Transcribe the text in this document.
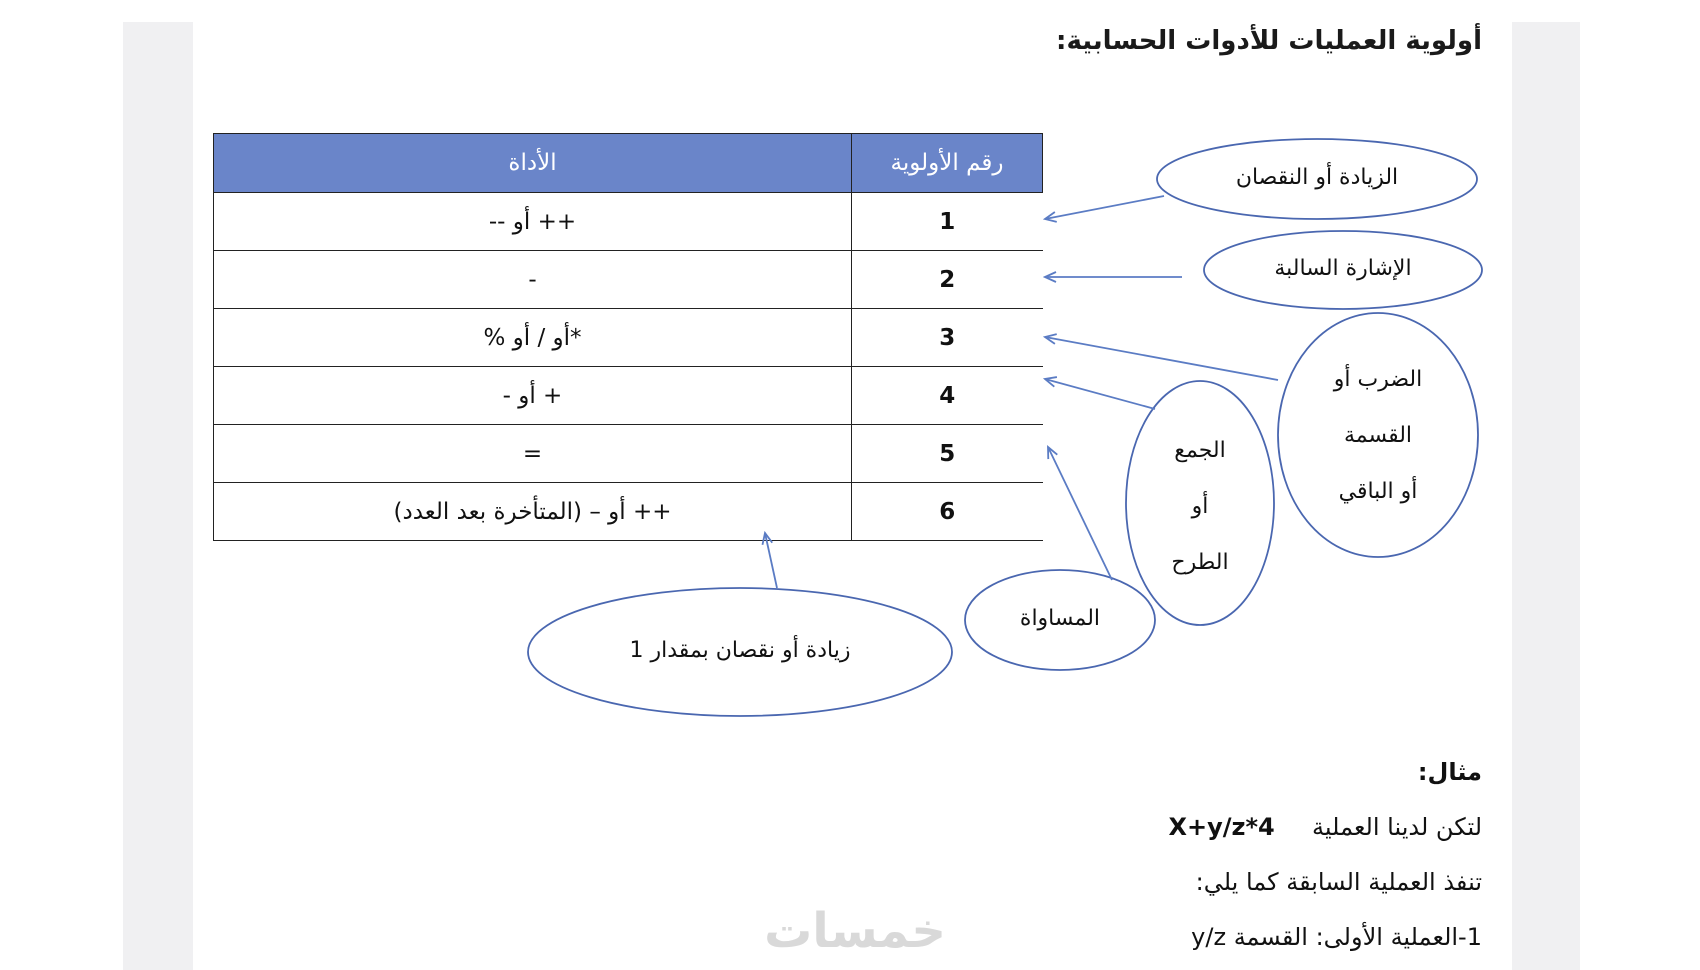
أولوية العمليات للأدوات الحسابية:
رقم الأولوية	الأداة
1	++ أو --
2	-
3	*أو / أو %
4	+ أو -
5	=
6	++ أو – (المتأخرة بعد العدد)
الزيادة أو النقصان
الإشارة السالبة
الضرب أو
القسمة
أو الباقي
الجمع
أو
الطرح
المساواة
زيادة أو نقصان بمقدار 1
مثال:
لتكن لدينا العملية  X+y/z*4
تنفذ العملية السابقة كما يلي:
1-العملية الأولى: القسمة y/z
خمسات
